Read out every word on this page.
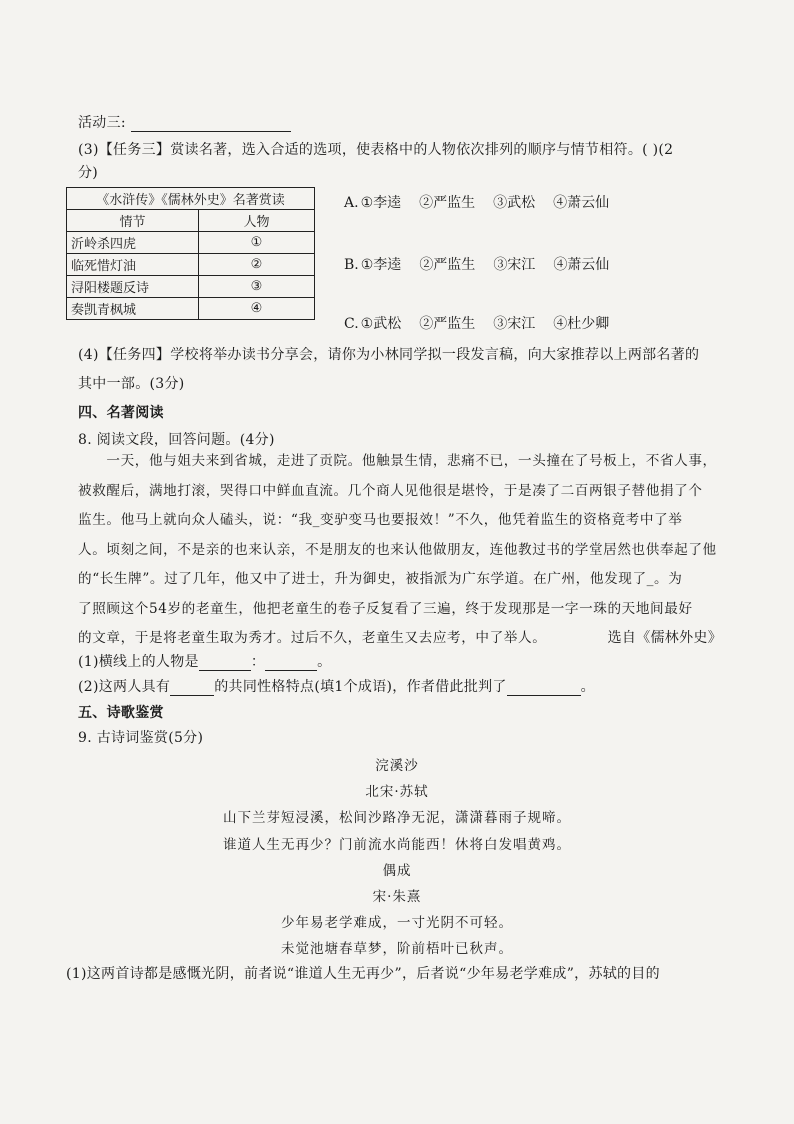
活动三:
(3)【任务三】赏读名著，选入合适的选项，使表格中的人物依次排列的顺序与情节相符。( )(2
分)
《水浒传》《儒林外史》名著赏读	
情节	人物
沂岭杀四虎	①
临死惜灯油	②
浔阳楼题反诗	③
奏凯青枫城	④
A. ①李逵 ②严监生 ③武松 ④萧云仙
B. ①李逵 ②严监生 ③宋江 ④萧云仙
C. ①武松 ②严监生 ③宋江 ④杜少卿
(4)【任务四】学校将举办读书分享会，请你为小林同学拟一段发言稿，向大家推荐以上两部名著的
其中一部。(3分)
四、名著阅读
8. 阅读文段，回答问题。(4分)
　　一天，他与姐夫来到省城，走进了贡院。他触景生情，悲痛不已，一头撞在了号板上，不省人事，
被救醒后，满地打滚，哭得口中鲜血直流。几个商人见他很是堪怜，于是凑了二百两银子替他捐了个
监生。他马上就向众人磕头，说：“我_变驴变马也要报效！”不久，他凭着监生的资格竟考中了举
人。顷刻之间，不是亲的也来认亲，不是朋友的也来认他做朋友，连他教过书的学堂居然也供奉起了他
的“长生牌”。过了几年，他又中了进士，升为御史，被指派为广东学道。在广州，他发现了_。为
了照顾这个54岁的老童生，他把老童生的卷子反复看了三遍，终于发现那是一字一珠的天地间最好
的文章，于是将老童生取为秀才。过后不久，老童生又去应考，中了举人。	选自《儒林外史》
(1)横线上的人物是	：	。
(2)这两人具有	的共同性格特点(填1个成语)，作者借此批判了	。
五、诗歌鉴赏
9. 古诗词鉴赏(5分)
浣溪沙
北宋·苏轼
山下兰芽短浸溪，松间沙路净无泥，潇潇暮雨子规啼。
谁道人生无再少？门前流水尚能西！休将白发唱黄鸡。
偶成
宋·朱熹
少年易老学难成，一寸光阴不可轻。
未觉池塘春草梦，阶前梧叶已秋声。
(1)这两首诗都是感慨光阴，前者说“谁道人生无再少”，后者说“少年易老学难成”，苏轼的目的
